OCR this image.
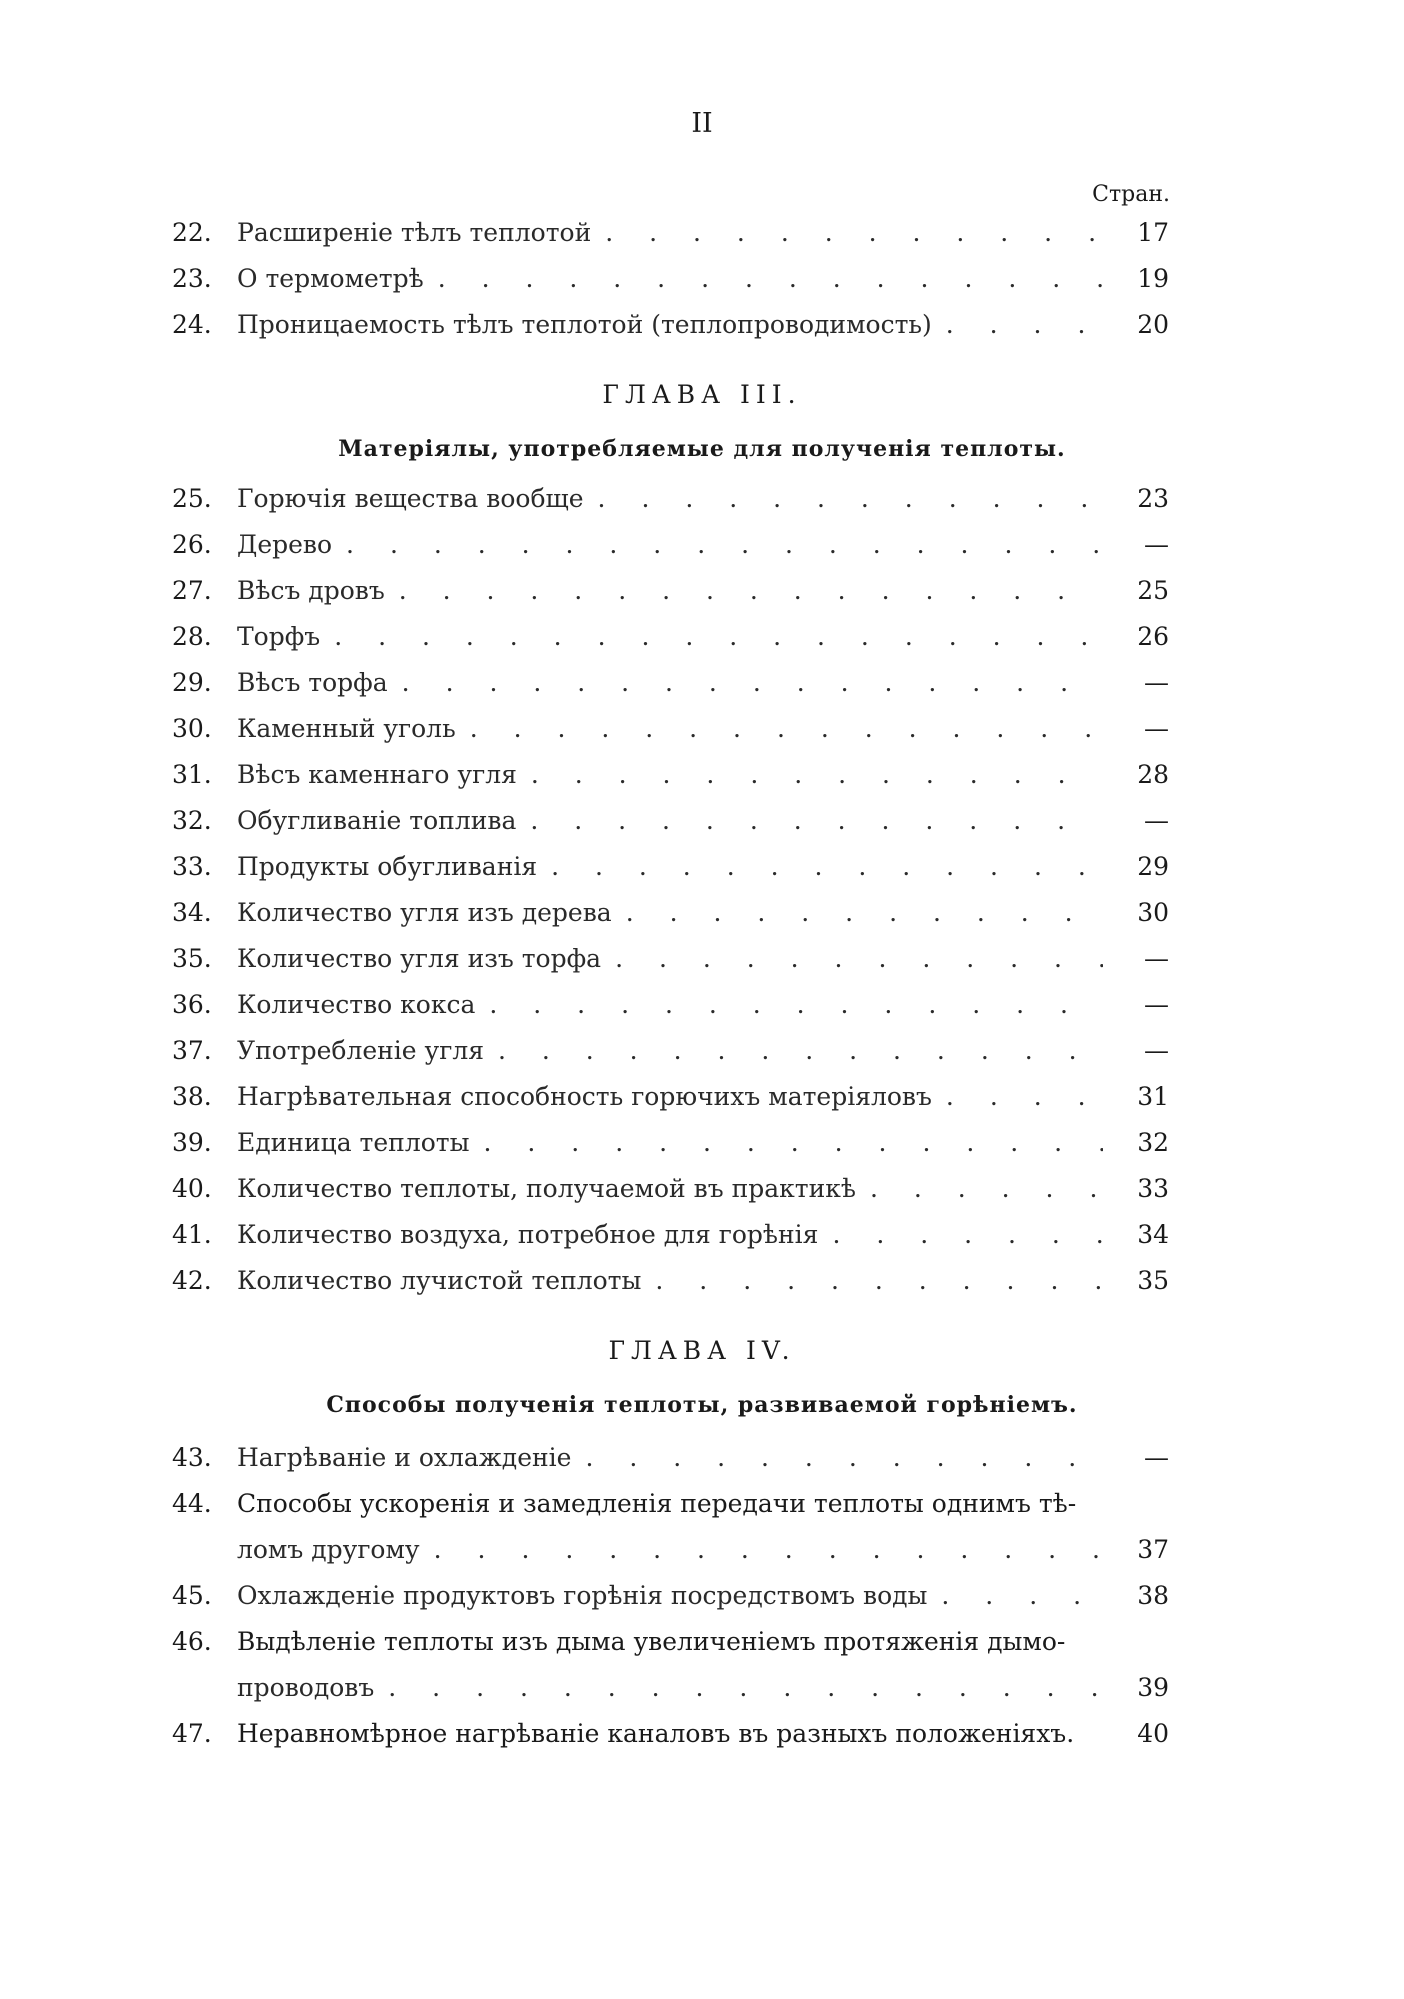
II
Стран.
22.	Расширеніе тѣлъ теплотой . . .	17
23.	О термометрѣ . . .	19
24.	Проницаемость тѣлъ теплотой (теплопроводимость) . . .	20
ГЛАВА III.
Матеріялы, употребляемые для полученія теплоты.
25.	Горючія вещества вообще . . .	23
26.	Дерево . . .	—
27.	Вѣсъ дровъ . . .	25
28.	Торфъ . . .	26
29.	Вѣсъ торфа . . .	—
30.	Каменный уголь . . .	—
31.	Вѣсъ каменнаго угля . . .	28
32.	Обугливаніе топлива . . .	—
33.	Продукты обугливанія . . .	29
34.	Количество угля изъ дерева . . .	30
35.	Количество угля изъ торфа . . .	—
36.	Количество кокса . . .	—
37.	Употребленіе угля . . .	—
38.	Нагрѣвательная способность горючихъ матеріяловъ . . .	31
39.	Единица теплоты . . .	32
40.	Количество теплоты, получаемой въ практикѣ . . .	33
41.	Количество воздуха, потребное для горѣнія . . .	34
42.	Количество лучистой теплоты . . .	35
ГЛАВА IV.
Способы полученія теплоты, развиваемой горѣніемъ.
43.	Нагрѣваніе и охлажденіе . . .	—
44.	Способы ускоренія и замедленія передачи теплоты однимъ тѣ-
ломъ другому . . .	37
45.	Охлажденіе продуктовъ горѣнія посредствомъ воды . . .	38
46.	Выдѣленіе теплоты изъ дыма увеличеніемъ протяженія дымо-
проводовъ . . .	39
47.	Неравномѣрное нагрѣваніе каналовъ въ разныхъ положеніяхъ.	40
